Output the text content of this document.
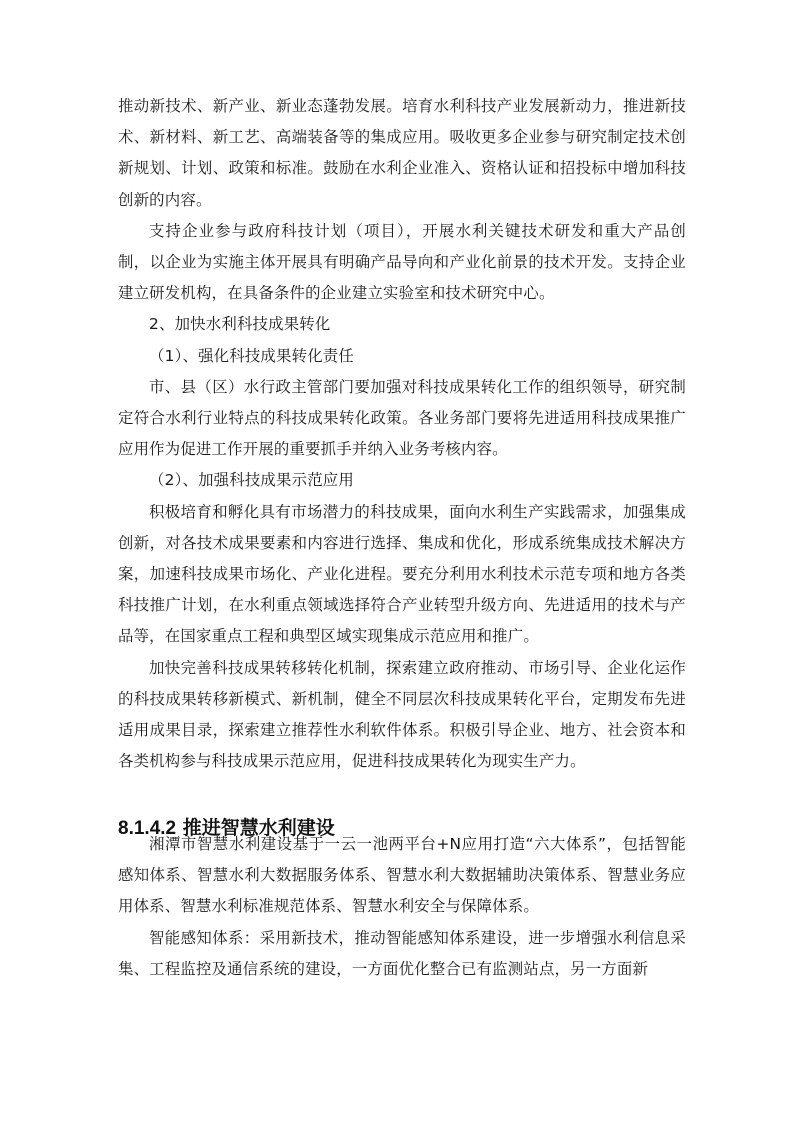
推动新技术、新产业、新业态蓬勃发展。培育水利科技产业发展新动力，推进新技术、新材料、新工艺、高端装备等的集成应用。吸收更多企业参与研究制定技术创新规划、计划、政策和标准。鼓励在水利企业准入、资格认证和招投标中增加科技创新的内容。

支持企业参与政府科技计划（项目），开展水利关键技术研发和重大产品创制，以企业为实施主体开展具有明确产品导向和产业化前景的技术开发。支持企业建立研发机构，在具备条件的企业建立实验室和技术研究中心。

2、加快水利科技成果转化

（1）、强化科技成果转化责任

市、县（区）水行政主管部门要加强对科技成果转化工作的组织领导，研究制定符合水利行业特点的科技成果转化政策。各业务部门要将先进适用科技成果推广应用作为促进工作开展的重要抓手并纳入业务考核内容。

（2）、加强科技成果示范应用

积极培育和孵化具有市场潜力的科技成果，面向水利生产实践需求，加强集成创新，对各技术成果要素和内容进行选择、集成和优化，形成系统集成技术解决方案，加速科技成果市场化、产业化进程。要充分利用水利技术示范专项和地方各类科技推广计划，在水利重点领域选择符合产业转型升级方向、先进适用的技术与产品等，在国家重点工程和典型区域实现集成示范应用和推广。

加快完善科技成果转移转化机制，探索建立政府推动、市场引导、企业化运作的科技成果转移新模式、新机制，健全不同层次科技成果转化平台，定期发布先进适用成果目录，探索建立推荐性水利软件体系。积极引导企业、地方、社会资本和各类机构参与科技成果示范应用，促进科技成果转化为现实生产力。

8.1.4.2 推进智慧水利建设

湘潭市智慧水利建设基于一云一池两平台+N应用打造“六大体系”，包括智能感知体系、智慧水利大数据服务体系、智慧水利大数据辅助决策体系、智慧业务应用体系、智慧水利标准规范体系、智慧水利安全与保障体系。

智能感知体系：采用新技术，推动智能感知体系建设，进一步增强水利信息采集、工程监控及通信系统的建设，一方面优化整合已有监测站点，另一方面新
